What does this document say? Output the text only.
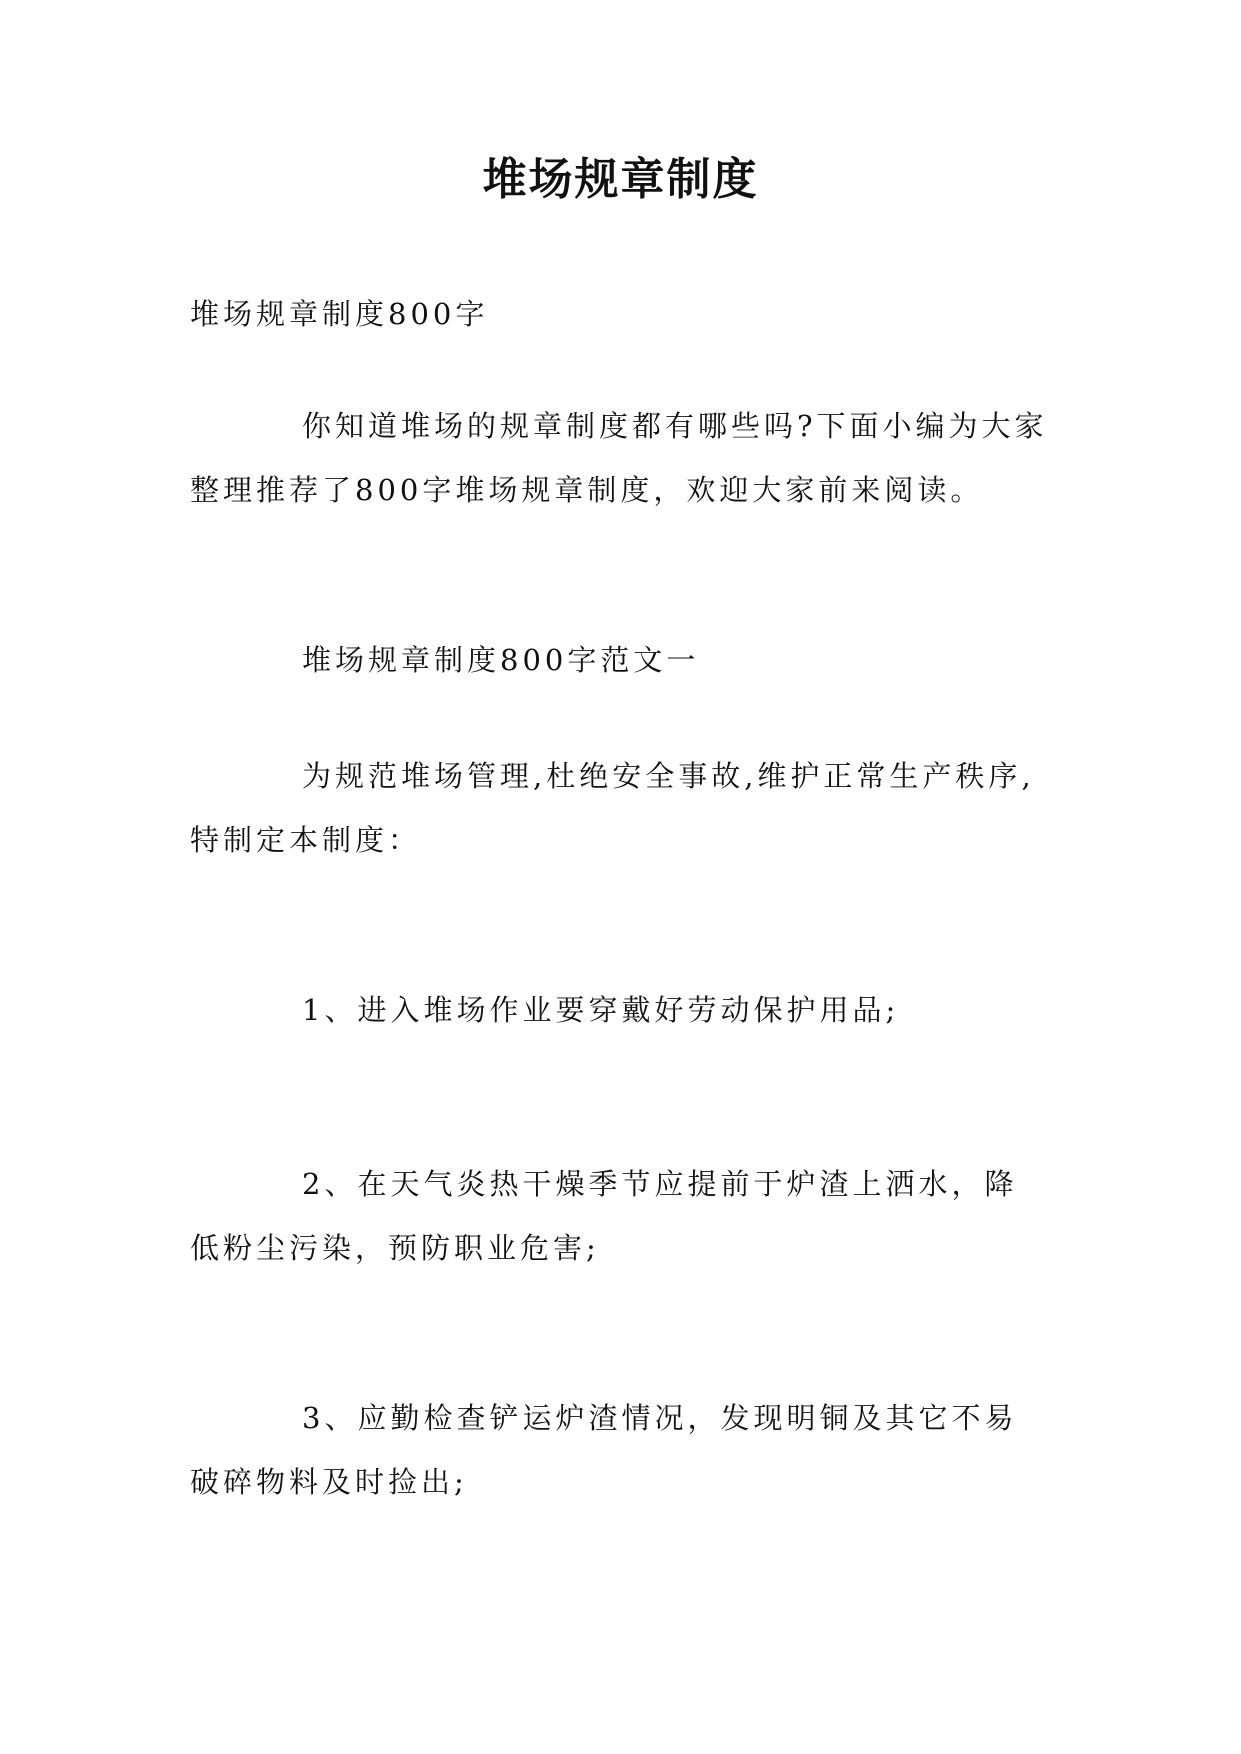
堆场规章制度

堆场规章制度800字

你知道堆场的规章制度都有哪些吗?下面小编为大家整理推荐了800字堆场规章制度，欢迎大家前来阅读。

堆场规章制度800字范文一

为规范堆场管理,杜绝安全事故,维护正常生产秩序,特制定本制度：

1、进入堆场作业要穿戴好劳动保护用品;

2、在天气炎热干燥季节应提前于炉渣上洒水，降低粉尘污染，预防职业危害;

3、应勤检查铲运炉渣情况，发现明铜及其它不易破碎物料及时捡出;
